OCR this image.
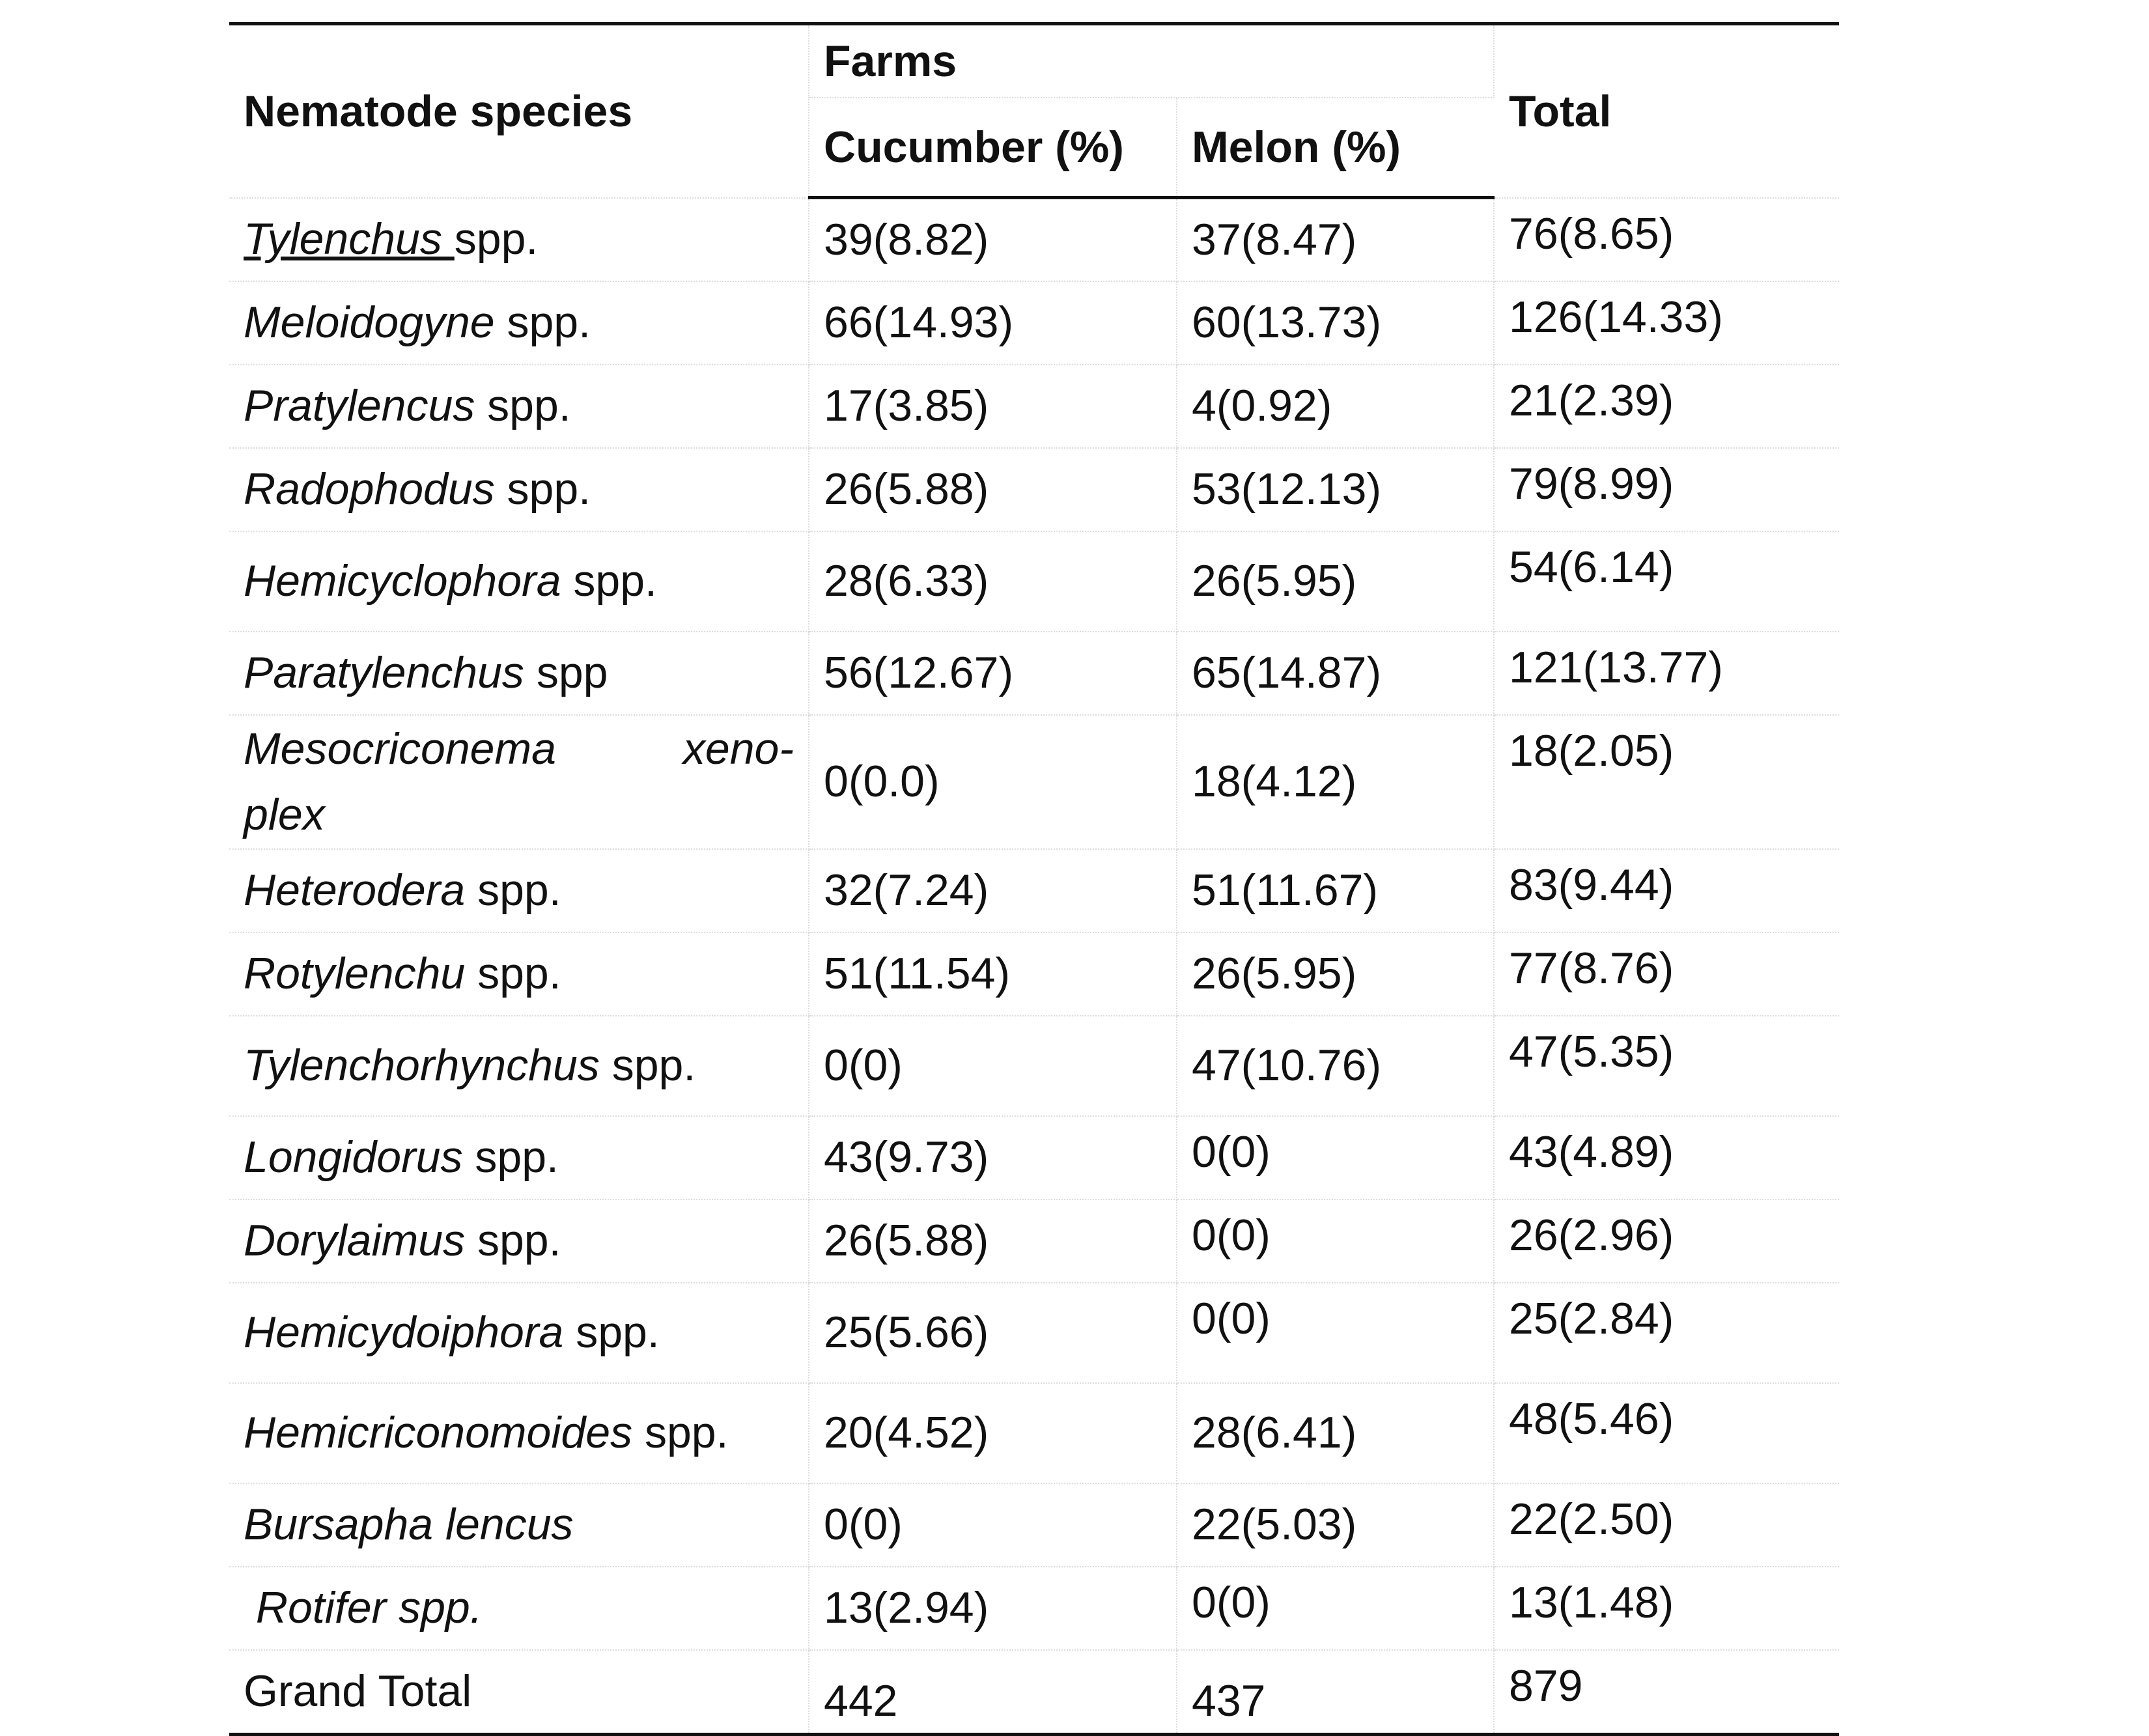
Nematode species	Farms		Total
	Cucumber (%)	Melon (%)	
Tylenchus spp.	39(8.82)	37(8.47)	76(8.65)
Meloidogyne spp.	66(14.93)	60(13.73)	126(14.33)
Pratylencus spp.	17(3.85)	4(0.92)	21(2.39)
Radophodus spp.	26(5.88)	53(12.13)	79(8.99)
Hemicyclophora spp.	28(6.33)	26(5.95)	54(6.14)
Paratylenchus spp	56(12.67)	65(14.87)	121(13.77)

Mesocriconema xeno-
plex	0(0.0)	18(4.12)	18(2.05)
Heterodera spp.	32(7.24)	51(11.67)	83(9.44)
Rotylenchu spp.	51(11.54)	26(5.95)	77(8.76)
Tylenchorhynchus spp.	0(0)	47(10.76)	47(5.35)
Longidorus spp.	43(9.73)	0(0)	43(4.89)
Dorylaimus spp.	26(5.88)	0(0)	26(2.96)
Hemicydoiphora spp.	25(5.66)	0(0)	25(2.84)
Hemicriconomoides spp.	20(4.52)	28(6.41)	48(5.46)
Bursapha lencus	0(0)	22(5.03)	22(2.50)
Rotifer spp.	13(2.94)	0(0)	13(1.48)
Grand Total	442	437	879
